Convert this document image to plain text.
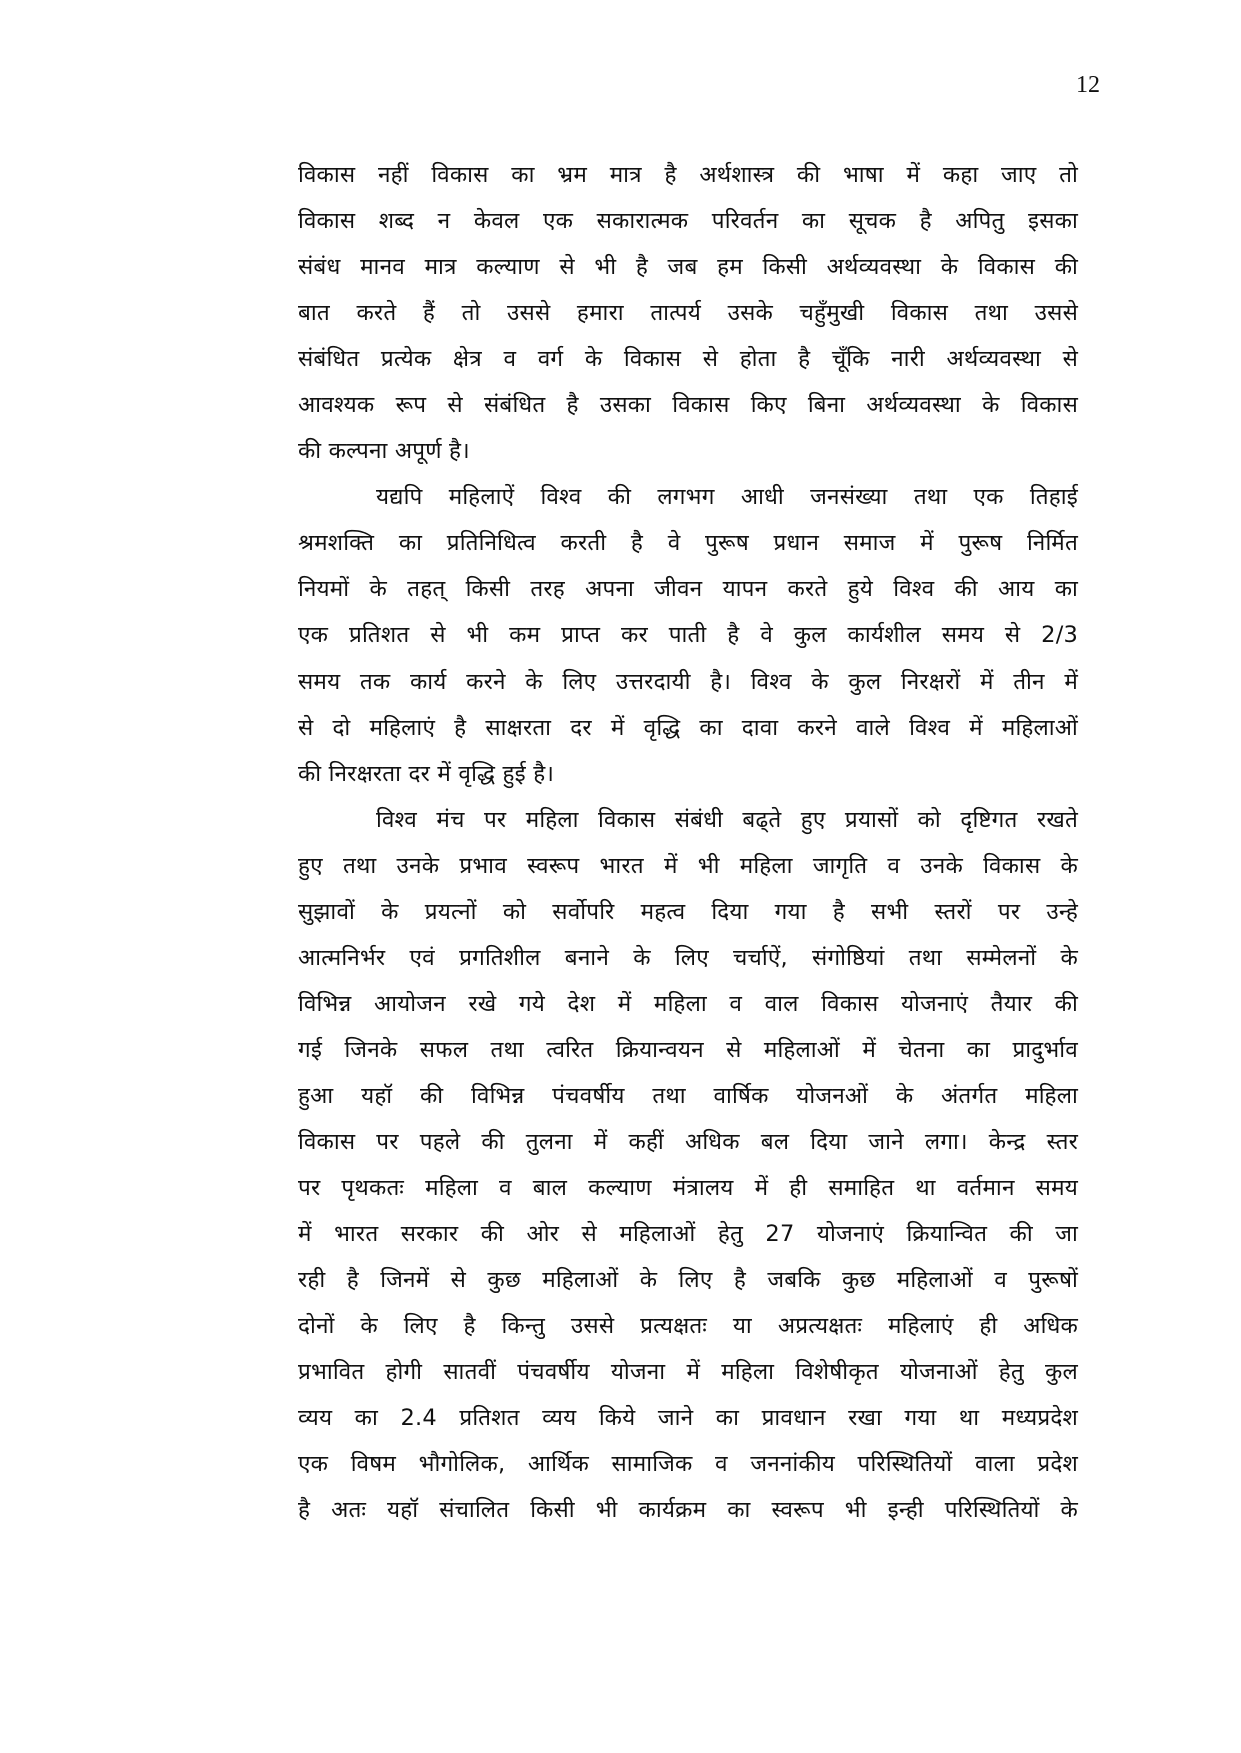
12
विकास नहीं विकास का भ्रम मात्र है अर्थशास्त्र की भाषा में कहा जाए तो
विकास शब्द न केवल एक सकारात्मक परिवर्तन का सूचक है अपितु इसका
संबंध मानव मात्र कल्याण से भी है जब हम किसी अर्थव्यवस्था के विकास की
बात करते हैं तो उससे हमारा तात्पर्य उसके चहुँमुखी विकास तथा उससे
संबंधित प्रत्येक क्षेत्र व वर्ग के विकास से होता है चूँकि नारी अर्थव्यवस्था से
आवश्यक रूप से संबंधित है उसका विकास किए बिना अर्थव्यवस्था के विकास
की कल्पना अपूर्ण है।
यद्यपि महिलाऐं विश्व की लगभग आधी जनसंख्या तथा एक तिहाई
श्रमशक्ति का प्रतिनिधित्व करती है वे पुरूष प्रधान समाज में पुरूष निर्मित
नियमों के तहत् किसी तरह अपना जीवन यापन करते हुये विश्व की आय का
एक प्रतिशत से भी कम प्राप्त कर पाती है वे कुल कार्यशील समय से 2/3
समय तक कार्य करने के लिए उत्तरदायी है। विश्व के कुल निरक्षरों में तीन में
से दो महिलाएं है साक्षरता दर में वृद्धि का दावा करने वाले विश्व में महिलाओं
की निरक्षरता दर में वृद्धि हुई है।
विश्व मंच पर महिला विकास संबंधी बढ्ते हुए प्रयासों को दृष्टिगत रखते
हुए तथा उनके प्रभाव स्वरूप भारत में भी महिला जागृति व उनके विकास के
सुझावों के प्रयत्नों को सर्वोपरि महत्व दिया गया है सभी स्तरों पर उन्हे
आत्मनिर्भर एवं प्रगतिशील बनाने के लिए चर्चाऐं, संगोष्ठियां तथा सम्मेलनों के
विभिन्न आयोजन रखे गये देश में महिला व वाल विकास योजनाएं तैयार की
गई जिनके सफल तथा त्वरित क्रियान्वयन से महिलाओं में चेतना का प्रादुर्भाव
हुआ यहॉ की विभिन्न पंचवर्षीय तथा वार्षिक योजनओं के अंतर्गत महिला
विकास पर पहले की तुलना में कहीं अधिक बल दिया जाने लगा। केन्द्र स्तर
पर पृथकतः महिला व बाल कल्याण मंत्रालय में ही समाहित था वर्तमान समय
में भारत सरकार की ओर से महिलाओं हेतु 27 योजनाएं क्रियान्वित की जा
रही है जिनमें से कुछ महिलाओं के लिए है जबकि कुछ महिलाओं व पुरूषों
दोनों के लिए है किन्तु उससे प्रत्यक्षतः या अप्रत्यक्षतः महिलाएं ही अधिक
प्रभावित होगी सातवीं पंचवर्षीय योजना में महिला विशेषीकृत योजनाओं हेतु कुल
व्यय का 2.4 प्रतिशत व्यय किये जाने का प्रावधान रखा गया था मध्यप्रदेश
एक विषम भौगोलिक, आर्थिक सामाजिक व जननांकीय परिस्थितियों वाला प्रदेश
है अतः यहॉ संचालित किसी भी कार्यक्रम का स्वरूप भी इन्ही परिस्थितियों के
